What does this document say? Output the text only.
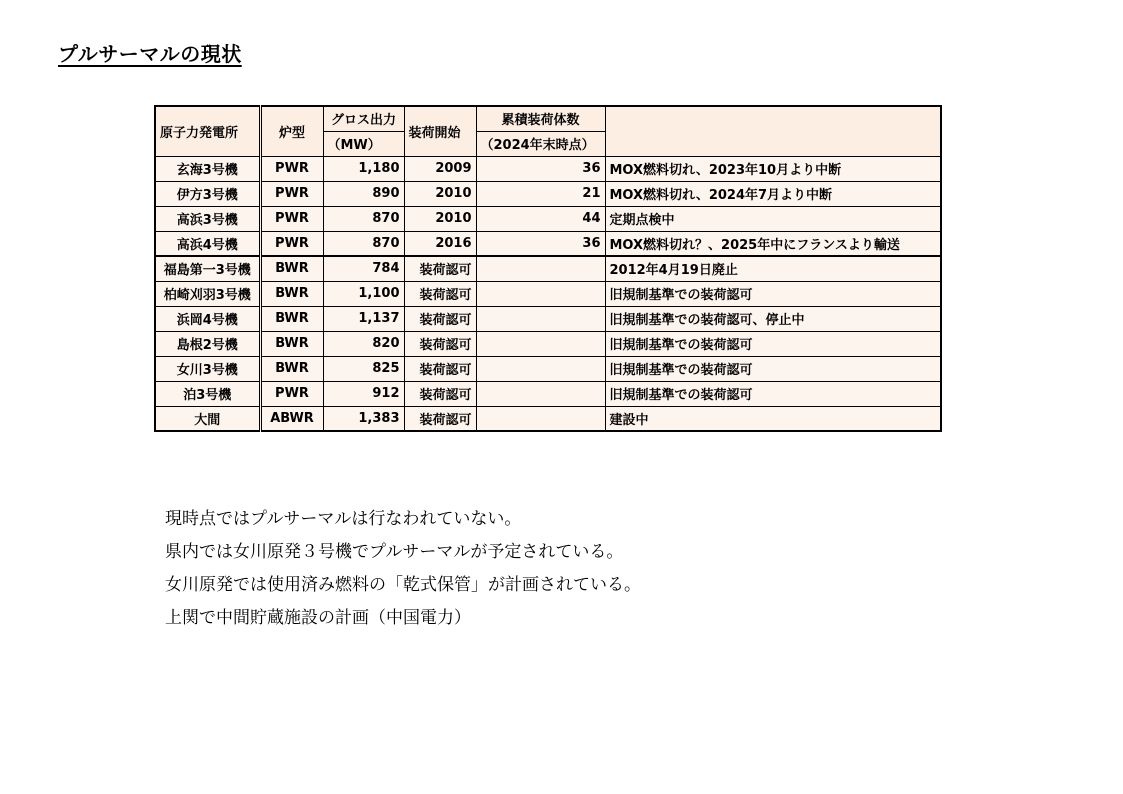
プルサーマルの現状
原子力発電所	炉型	グロス出力	装荷開始	累積装荷体数	
		（MW）		（2024年末時点）	
玄海3号機	PWR	1,180	2009	36	MOX燃料切れ、2023年10月より中断
伊方3号機	PWR	890	2010	21	MOX燃料切れ、2024年7月より中断
高浜3号機	PWR	870	2010	44	定期点検中
高浜4号機	PWR	870	2016	36	MOX燃料切れ？、2025年中にフランスより輸送
福島第一3号機	BWR	784	装荷認可		2012年4月19日廃止
柏崎刈羽3号機	BWR	1,100	装荷認可		旧規制基準での装荷認可
浜岡4号機	BWR	1,137	装荷認可		旧規制基準での装荷認可、停止中
島根2号機	BWR	820	装荷認可		旧規制基準での装荷認可
女川3号機	BWR	825	装荷認可		旧規制基準での装荷認可
泊3号機	PWR	912	装荷認可		旧規制基準での装荷認可
大間	ABWR	1,383	装荷認可		建設中
現時点ではプルサーマルは行なわれていない。
県内では女川原発３号機でプルサーマルが予定されている。
女川原発では使用済み燃料の「乾式保管」が計画されている。
上関で中間貯蔵施設の計画（中国電力）
